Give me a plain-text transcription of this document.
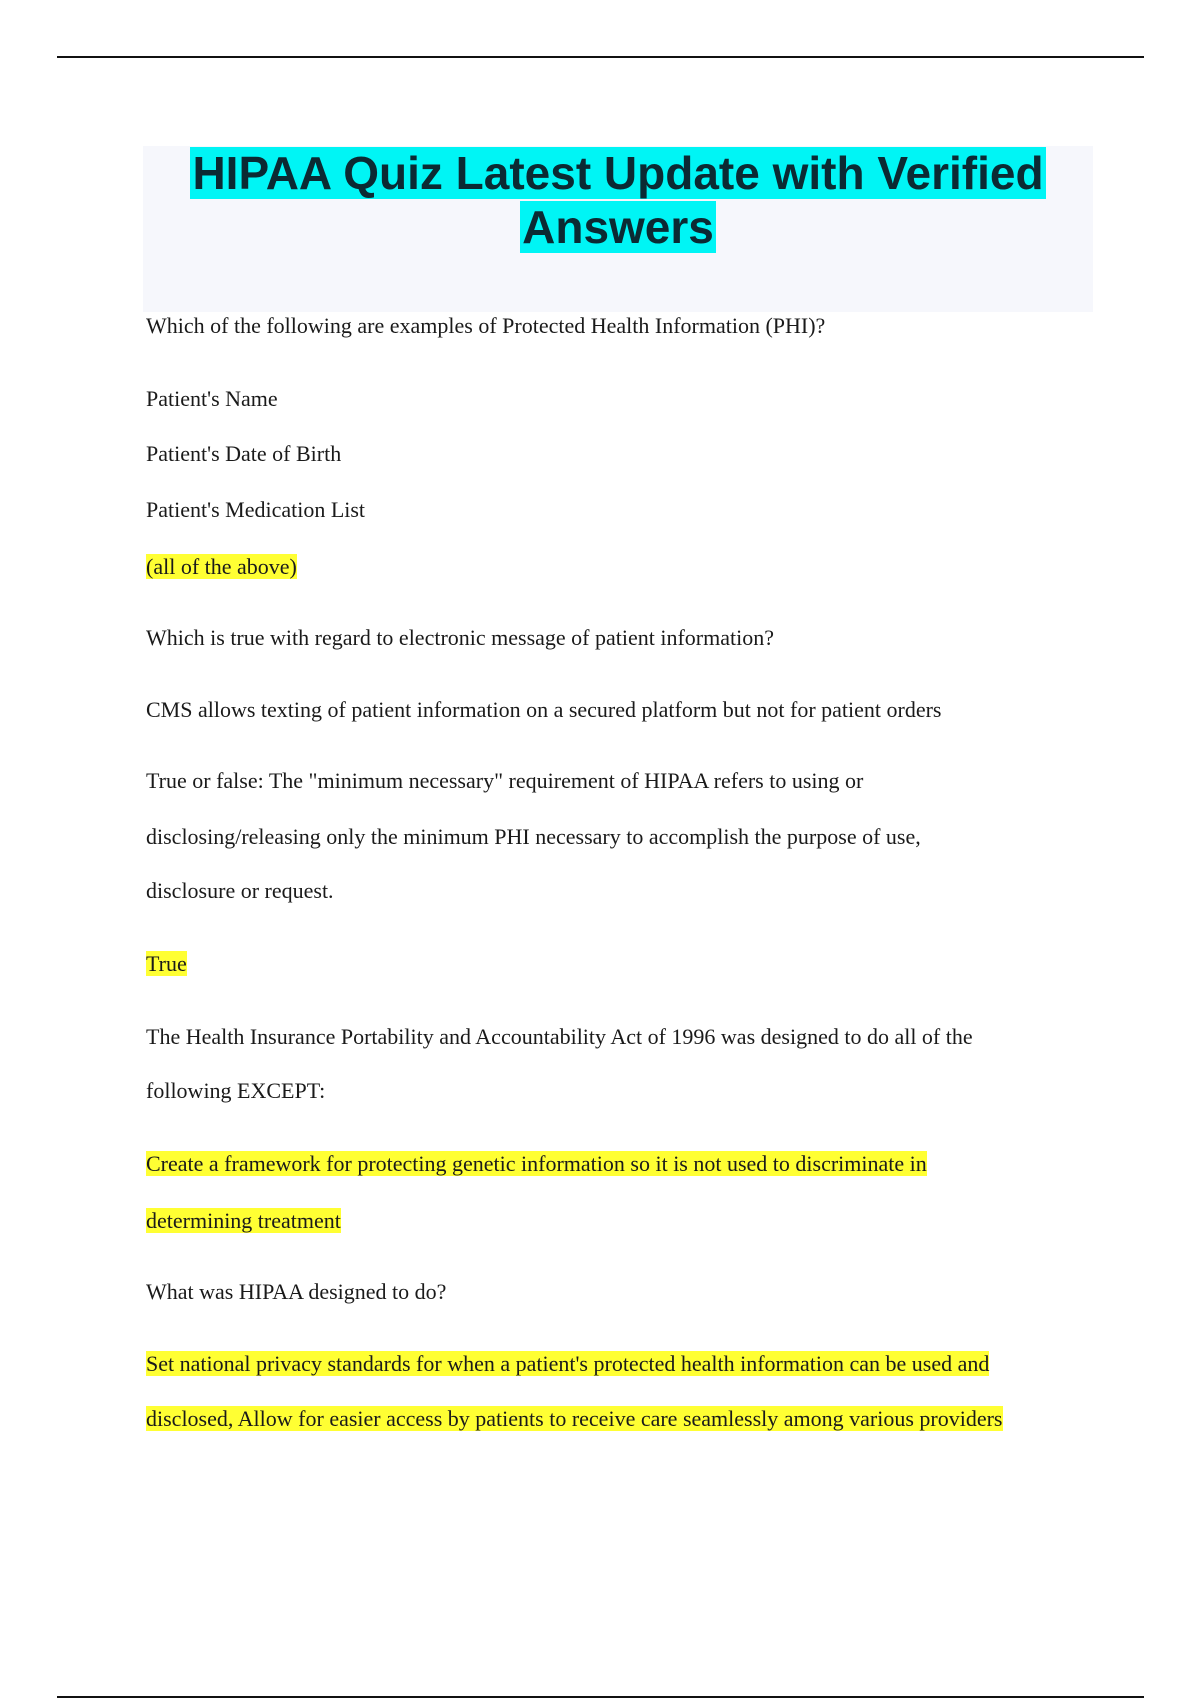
HIPAA Quiz Latest Update with Verified Answers
Which of the following are examples of Protected Health Information (PHI)?
Patient's Name
Patient's Date of Birth
Patient's Medication List
(all of the above)
Which is true with regard to electronic message of patient information?
CMS allows texting of patient information on a secured platform but not for patient orders
True or false: The "minimum necessary" requirement of HIPAA refers to using or
disclosing/releasing only the minimum PHI necessary to accomplish the purpose of use,
disclosure or request.
True
The Health Insurance Portability and Accountability Act of 1996 was designed to do all of the
following EXCEPT:
Create a framework for protecting genetic information so it is not used to discriminate in
determining treatment
What was HIPAA designed to do?
Set national privacy standards for when a patient's protected health information can be used and
disclosed, Allow for easier access by patients to receive care seamlessly among various providers
